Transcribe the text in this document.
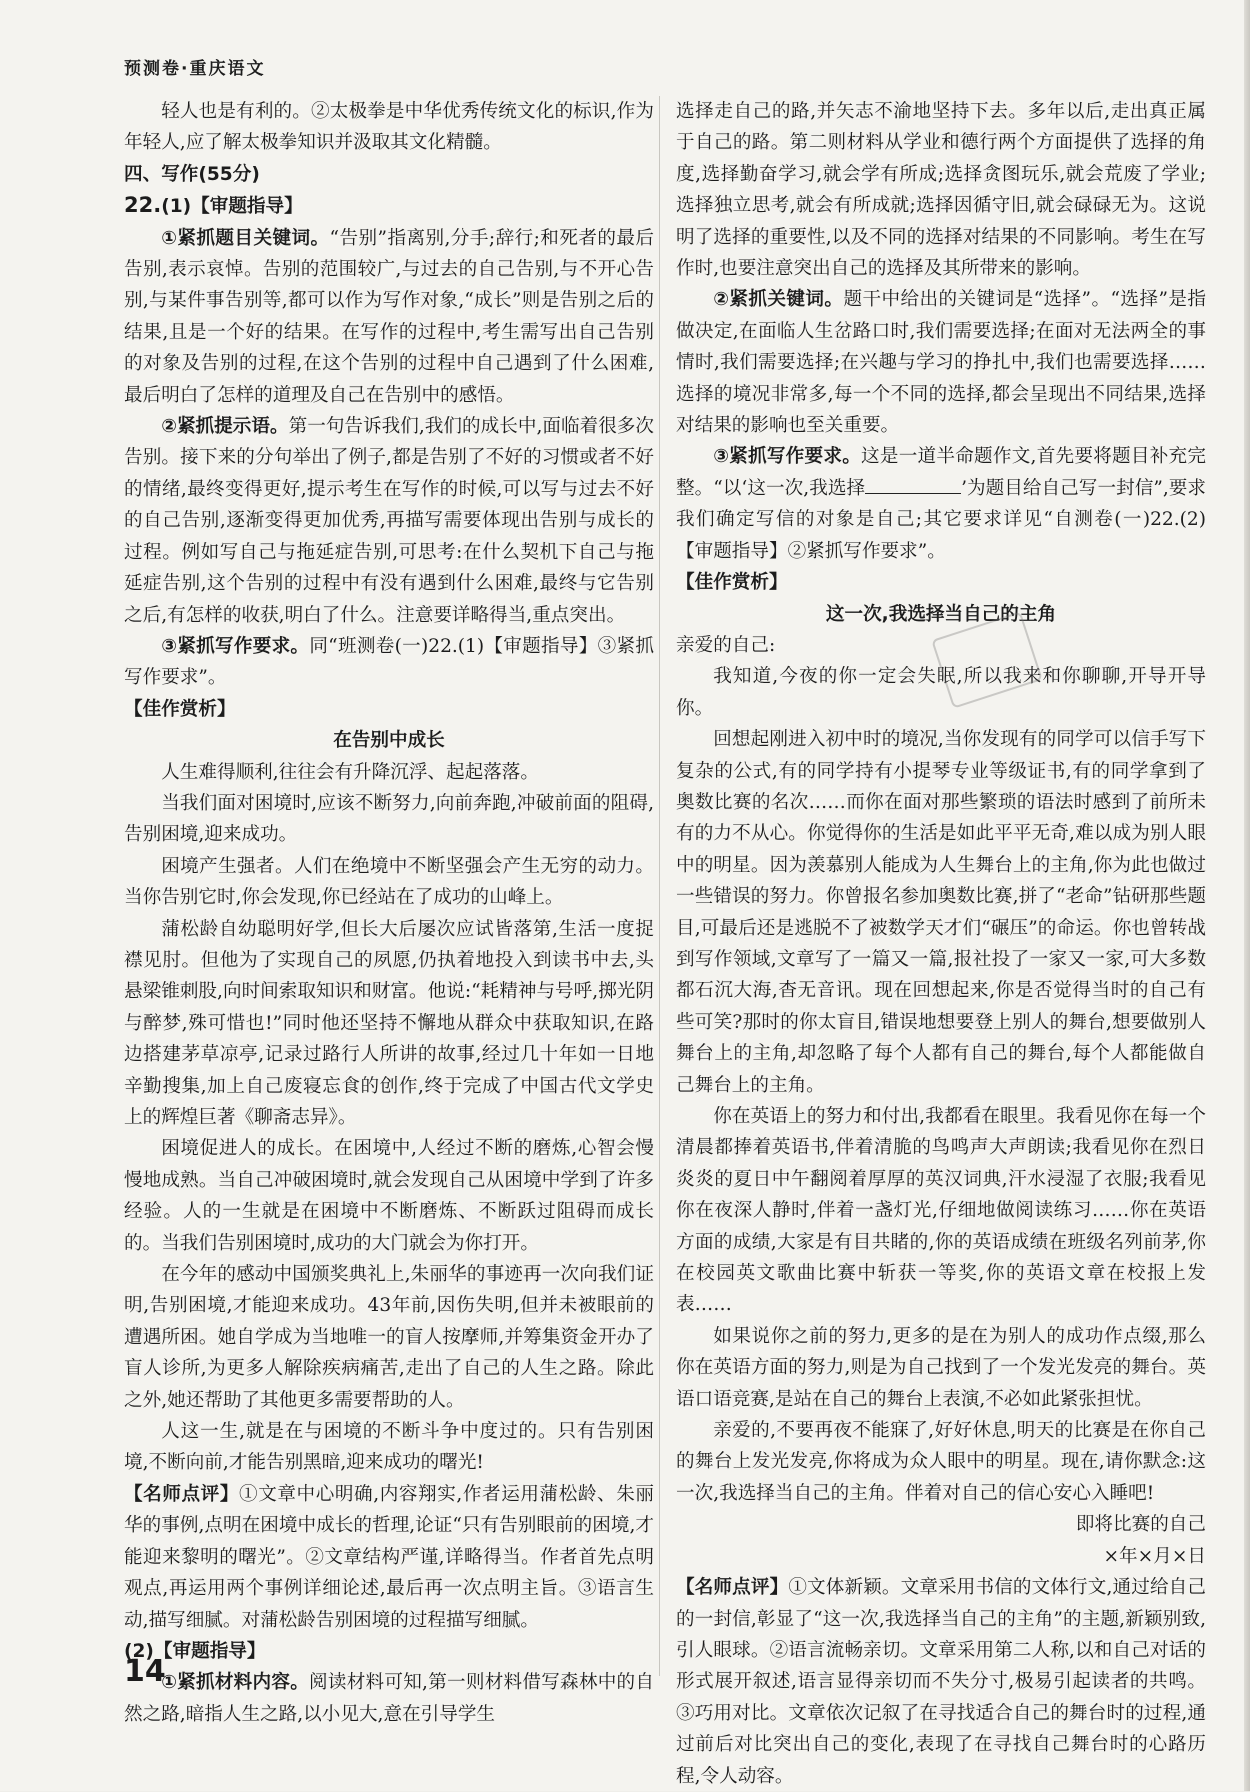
预测卷·重庆语文

轻人也是有利的。②太极拳是中华优秀传统文化的标识,作为年轻人,应了解太极拳知识并汲取其文化精髓。

四、写作(55分)

22.(1)【审题指导】

①紧抓题目关键词。“告别”指离别,分手;辞行;和死者的最后告别,表示哀悼。告别的范围较广,与过去的自己告别,与不开心告别,与某件事告别等,都可以作为写作对象,“成长”则是告别之后的结果,且是一个好的结果。在写作的过程中,考生需写出自己告别的对象及告别的过程,在这个告别的过程中自己遇到了什么困难,最后明白了怎样的道理及自己在告别中的感悟。

②紧抓提示语。第一句告诉我们,我们的成长中,面临着很多次告别。接下来的分句举出了例子,都是告别了不好的习惯或者不好的情绪,最终变得更好,提示考生在写作的时候,可以写与过去不好的自己告别,逐渐变得更加优秀,再描写需要体现出告别与成长的过程。例如写自己与拖延症告别,可思考:在什么契机下自己与拖延症告别,这个告别的过程中有没有遇到什么困难,最终与它告别之后,有怎样的收获,明白了什么。注意要详略得当,重点突出。

③紧抓写作要求。同“班测卷(一)22.(1)【审题指导】③紧抓写作要求”。

【佳作赏析】

在告别中成长

人生难得顺利,往往会有升降沉浮、起起落落。

当我们面对困境时,应该不断努力,向前奔跑,冲破前面的阻碍,告别困境,迎来成功。

困境产生强者。人们在绝境中不断坚强会产生无穷的动力。当你告别它时,你会发现,你已经站在了成功的山峰上。

蒲松龄自幼聪明好学,但长大后屡次应试皆落第,生活一度捉襟见肘。但他为了实现自己的夙愿,仍执着地投入到读书中去,头悬梁锥刺股,向时间索取知识和财富。他说:“耗精神与号呼,掷光阴与醉梦,殊可惜也!”同时他还坚持不懈地从群众中获取知识,在路边搭建茅草凉亭,记录过路行人所讲的故事,经过几十年如一日地辛勤搜集,加上自己废寝忘食的创作,终于完成了中国古代文学史上的辉煌巨著《聊斋志异》。

困境促进人的成长。在困境中,人经过不断的磨炼,心智会慢慢地成熟。当自己冲破困境时,就会发现自己从困境中学到了许多经验。人的一生就是在困境中不断磨炼、不断跃过阻碍而成长的。当我们告别困境时,成功的大门就会为你打开。

在今年的感动中国颁奖典礼上,朱丽华的事迹再一次向我们证明,告别困境,才能迎来成功。43年前,因伤失明,但并未被眼前的遭遇所困。她自学成为当地唯一的盲人按摩师,并筹集资金开办了盲人诊所,为更多人解除疾病痛苦,走出了自己的人生之路。除此之外,她还帮助了其他更多需要帮助的人。

人这一生,就是在与困境的不断斗争中度过的。只有告别困境,不断向前,才能告别黑暗,迎来成功的曙光!

【名师点评】①文章中心明确,内容翔实,作者运用蒲松龄、朱丽华的事例,点明在困境中成长的哲理,论证“只有告别眼前的困境,才能迎来黎明的曙光”。②文章结构严谨,详略得当。作者首先点明观点,再运用两个事例详细论述,最后再一次点明主旨。③语言生动,描写细腻。对蒲松龄告别困境的过程描写细腻。

(2)【审题指导】

①紧抓材料内容。阅读材料可知,第一则材料借写森林中的自然之路,暗指人生之路,以小见大,意在引导学生

选择走自己的路,并矢志不渝地坚持下去。多年以后,走出真正属于自己的路。第二则材料从学业和德行两个方面提供了选择的角度,选择勤奋学习,就会学有所成;选择贪图玩乐,就会荒废了学业;选择独立思考,就会有所成就;选择因循守旧,就会碌碌无为。这说明了选择的重要性,以及不同的选择对结果的不同影响。考生在写作时,也要注意突出自己的选择及其所带来的影响。

②紧抓关键词。题干中给出的关键词是“选择”。“选择”是指做决定,在面临人生岔路口时,我们需要选择;在面对无法两全的事情时,我们需要选择;在兴趣与学习的挣扎中,我们也需要选择……选择的境况非常多,每一个不同的选择,都会呈现出不同结果,选择对结果的影响也至关重要。

③紧抓写作要求。这是一道半命题作文,首先要将题目补充完整。“以‘这一次,我选择	’为题目给自己写一封信”,要求我们确定写信的对象是自己;其它要求详见“自测卷(一)22.(2)【审题指导】②紧抓写作要求”。

【佳作赏析】

这一次,我选择当自己的主角

亲爱的自己:

我知道,今夜的你一定会失眠,所以我来和你聊聊,开导开导你。

回想起刚进入初中时的境况,当你发现有的同学可以信手写下复杂的公式,有的同学持有小提琴专业等级证书,有的同学拿到了奥数比赛的名次……而你在面对那些繁琐的语法时感到了前所未有的力不从心。你觉得你的生活是如此平平无奇,难以成为别人眼中的明星。因为羡慕别人能成为人生舞台上的主角,你为此也做过一些错误的努力。你曾报名参加奥数比赛,拼了“老命”钻研那些题目,可最后还是逃脱不了被数学天才们“碾压”的命运。你也曾转战到写作领域,文章写了一篇又一篇,报社投了一家又一家,可大多数都石沉大海,杳无音讯。现在回想起来,你是否觉得当时的自己有些可笑?那时的你太盲目,错误地想要登上别人的舞台,想要做别人舞台上的主角,却忽略了每个人都有自己的舞台,每个人都能做自己舞台上的主角。

你在英语上的努力和付出,我都看在眼里。我看见你在每一个清晨都捧着英语书,伴着清脆的鸟鸣声大声朗读;我看见你在烈日炎炎的夏日中午翻阅着厚厚的英汉词典,汗水浸湿了衣服;我看见你在夜深人静时,伴着一盏灯光,仔细地做阅读练习……你在英语方面的成绩,大家是有目共睹的,你的英语成绩在班级名列前茅,你在校园英文歌曲比赛中斩获一等奖,你的英语文章在校报上发表……

如果说你之前的努力,更多的是在为别人的成功作点缀,那么你在英语方面的努力,则是为自己找到了一个发光发亮的舞台。英语口语竞赛,是站在自己的舞台上表演,不必如此紧张担忧。

亲爱的,不要再夜不能寐了,好好休息,明天的比赛是在你自己的舞台上发光发亮,你将成为众人眼中的明星。现在,请你默念:这一次,我选择当自己的主角。伴着对自己的信心安心入睡吧!

即将比赛的自己

×年×月×日

【名师点评】①文体新颖。文章采用书信的文体行文,通过给自己的一封信,彰显了“这一次,我选择当自己的主角”的主题,新颖别致,引人眼球。②语言流畅亲切。文章采用第二人称,以和自己对话的形式展开叙述,语言显得亲切而不失分寸,极易引起读者的共鸣。③巧用对比。文章依次记叙了在寻找适合自己的舞台时的过程,通过前后对比突出自己的变化,表现了在寻找自己舞台时的心路历程,令人动容。

14
